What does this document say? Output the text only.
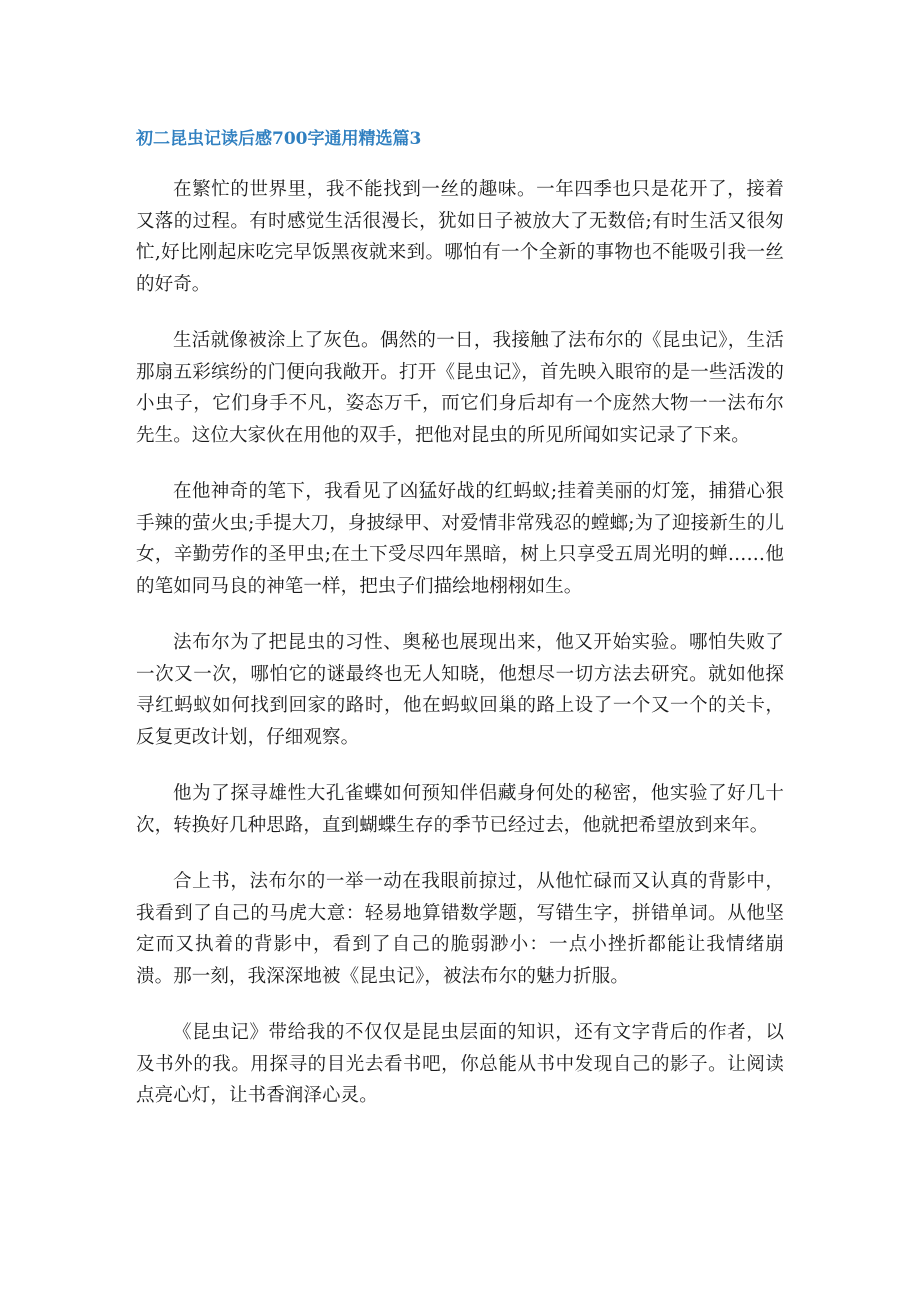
初二昆虫记读后感700字通用精选篇3

在繁忙的世界里，我不能找到一丝的趣味。一年四季也只是花开了，接着又落的过程。有时感觉生活很漫长，犹如日子被放大了无数倍;有时生活又很匆忙,好比刚起床吃完早饭黑夜就来到。哪怕有一个全新的事物也不能吸引我一丝的好奇。

生活就像被涂上了灰色。偶然的一日，我接触了法布尔的《昆虫记》，生活那扇五彩缤纷的门便向我敞开。打开《昆虫记》，首先映入眼帘的是一些活泼的小虫子，它们身手不凡，姿态万千，而它们身后却有一个庞然大物一一法布尔先生。这位大家伙在用他的双手，把他对昆虫的所见所闻如实记录了下来。

在他神奇的笔下，我看见了凶猛好战的红蚂蚁;挂着美丽的灯笼，捕猎心狠手辣的萤火虫;手提大刀，身披绿甲、对爱情非常残忍的螳螂;为了迎接新生的儿女，辛勤劳作的圣甲虫;在土下受尽四年黑暗，树上只享受五周光明的蝉……他的笔如同马良的神笔一样，把虫子们描绘地栩栩如生。

法布尔为了把昆虫的习性、奥秘也展现出来，他又开始实验。哪怕失败了一次又一次，哪怕它的谜最终也无人知晓，他想尽一切方法去研究。就如他探寻红蚂蚁如何找到回家的路时，他在蚂蚁回巢的路上设了一个又一个的关卡，反复更改计划，仔细观察。

他为了探寻雄性大孔雀蝶如何预知伴侣藏身何处的秘密，他实验了好几十次，转换好几种思路，直到蝴蝶生存的季节已经过去，他就把希望放到来年。

合上书，法布尔的一举一动在我眼前掠过，从他忙碌而又认真的背影中，我看到了自己的马虎大意：轻易地算错数学题，写错生字，拼错单词。从他坚定而又执着的背影中，看到了自己的脆弱渺小：一点小挫折都能让我情绪崩溃。那一刻，我深深地被《昆虫记》，被法布尔的魅力折服。

《昆虫记》带给我的不仅仅是昆虫层面的知识，还有文字背后的作者，以及书外的我。用探寻的目光去看书吧，你总能从书中发现自己的影子。让阅读点亮心灯，让书香润泽心灵。
